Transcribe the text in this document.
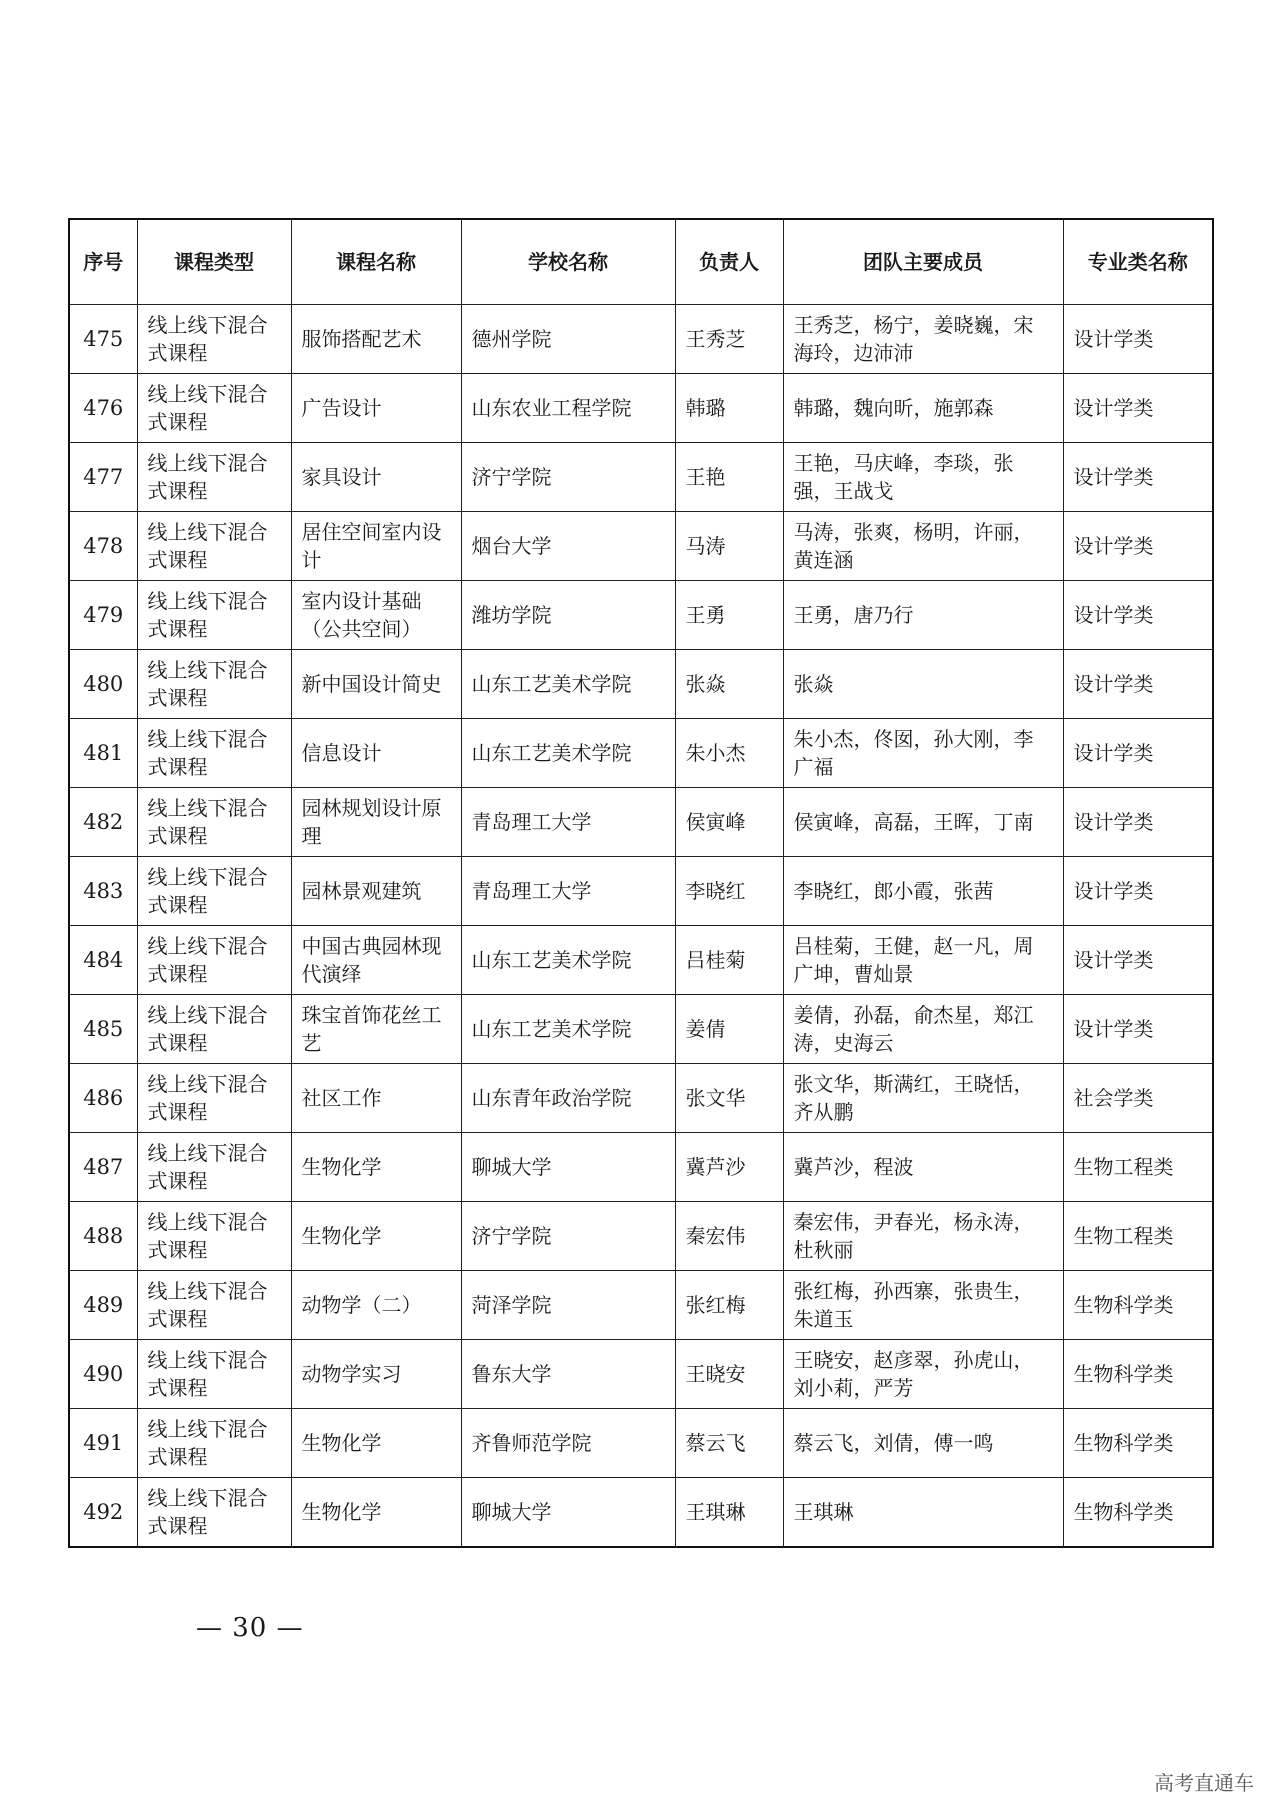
序号	课程类型	课程名称	学校名称	负责人	团队主要成员	专业类名称
475	线上线下混合式课程	服饰搭配艺术	德州学院	王秀芝	王秀芝，杨宁，姜晓巍，宋海玲，边沛沛	设计学类
476	线上线下混合式课程	广告设计	山东农业工程学院	韩璐	韩璐，魏向昕，施郭森	设计学类
477	线上线下混合式课程	家具设计	济宁学院	王艳	王艳，马庆峰，李琰，张强，王战戈	设计学类
478	线上线下混合式课程	居住空间室内设计	烟台大学	马涛	马涛，张爽，杨明，许丽，黄连涵	设计学类
479	线上线下混合式课程	室内设计基础（公共空间）	潍坊学院	王勇	王勇，唐乃行	设计学类
480	线上线下混合式课程	新中国设计简史	山东工艺美术学院	张焱	张焱	设计学类
481	线上线下混合式课程	信息设计	山东工艺美术学院	朱小杰	朱小杰，佟囡，孙大刚，李广福	设计学类
482	线上线下混合式课程	园林规划设计原理	青岛理工大学	侯寅峰	侯寅峰，高磊，王晖，丁南	设计学类
483	线上线下混合式课程	园林景观建筑	青岛理工大学	李晓红	李晓红，郎小霞，张茜	设计学类
484	线上线下混合式课程	中国古典园林现代演绎	山东工艺美术学院	吕桂菊	吕桂菊，王健，赵一凡，周广坤，曹灿景	设计学类
485	线上线下混合式课程	珠宝首饰花丝工艺	山东工艺美术学院	姜倩	姜倩，孙磊，俞杰星，郑江涛，史海云	设计学类
486	线上线下混合式课程	社区工作	山东青年政治学院	张文华	张文华，斯满红，王晓恬，齐从鹏	社会学类
487	线上线下混合式课程	生物化学	聊城大学	冀芦沙	冀芦沙，程波	生物工程类
488	线上线下混合式课程	生物化学	济宁学院	秦宏伟	秦宏伟，尹春光，杨永涛，杜秋丽	生物工程类
489	线上线下混合式课程	动物学（二）	菏泽学院	张红梅	张红梅，孙西寨，张贵生，朱道玉	生物科学类
490	线上线下混合式课程	动物学实习	鲁东大学	王晓安	王晓安，赵彦翠，孙虎山，刘小莉，严芳	生物科学类
491	线上线下混合式课程	生物化学	齐鲁师范学院	蔡云飞	蔡云飞，刘倩，傅一鸣	生物科学类
492	线上线下混合式课程	生物化学	聊城大学	王琪琳	王琪琳	生物科学类
— 30 —
高考直通车
